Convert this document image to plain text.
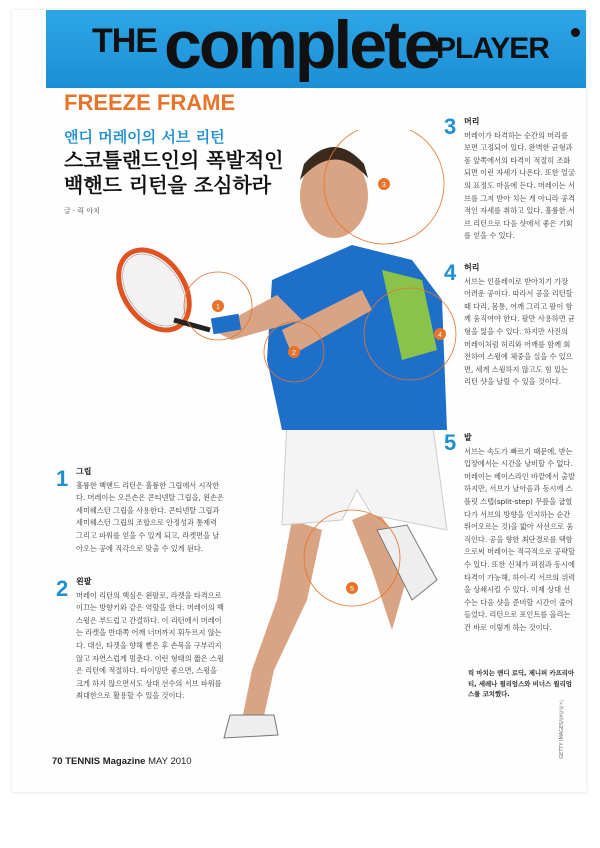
THE complete
PLAYER
FREEZE FRAME
앤디 머레이의 서브 리턴
스코틀랜드인의 폭발적인 백핸드 리턴을 조심하라
글 · 릭 아치
1
2
3
4
5
1 그립
훌륭한 백핸드 리턴은 훌륭한 그립에서 시작한다. 머레이는 오른손은 콘티넨탈 그립을, 왼손은 세미웨스턴 그립을 사용한다. 콘티넨탈 그립과 세미웨스턴 그립의 조합으로 안정성과 통제력 그리고 파워를 얻을 수 있게 되고, 라켓면을 날아오는 공에 직각으로 맞출 수 있게 된다.
2 왼팔
머레이 리턴의 핵심은 왼팔로, 라켓을 타격으로 이끄는 방향키와 같은 역할을 한다. 머레이의 백스윙은 부드럽고 간결하다. 이 리턴에서 머레이는 라켓을 반대쪽 어깨 너머까지 휘두르지 않는다. 대신, 타겟을 향해 뻗은 후 손목을 구부리지 않고 자연스럽게 멈춘다. 이런 형태의 짧은 스윙은 리턴에 적절하다. 타이밍만 좋으면, 스윙을 크게 하지 않으면서도 상대 선수의 서브 파워를 최대한으로 활용할 수 있을 것이다.
3 머리
머레이가 타격하는 순간의 머리를 보면 고정되어 있다. 완벽한 균형과 몸 앞쪽에서의 타격이 적절히 조화되면 이런 자세가 나온다. 또한 얼굴의 표정도 마음에 든다. 머레이는 서브를 그저 받아 치는 게 아니라 공격적인 자세를 취하고 있다. 훌륭한 서브 리턴으로 다음 샷에서 좋은 기회를 얻을 수 있다.
4 허리
서브는 인플레이로 받아치기 가장 어려운 공이다. 따라서 공을 리턴할 때 다리, 몸통, 어깨 그리고 팔이 함께 움직여야 한다. 팔만 사용하면 균형을 잃을 수 있다. 하지만 사진의 머레이처럼 허리와 어깨를 함께 회전하여 스윙에 체중을 실을 수 있으면, 세게 스윙하지 않고도 힘 있는 리턴 샷을 날릴 수 있을 것이다.
5 발
서브는 속도가 빠르기 때문에, 받는 입장에서는 시간을 낭비할 수 없다. 머레이는 베이스라인 바깥에서 출발하지만, 서브가 날아옴과 동시에 스플릿 스텝(split-step) 무릎을 굽혔다가 서브의 방향을 인지하는 순간 뛰어오르는 것)을 밟아 사선으로 움직인다. 공을 향한 최단경로를 택함으로써 머레이는 적극적으로 공략할 수 있다. 또한 신체가 펴짐과 동시에 타격이 가능해, 하이-킥 서브의 위력을 상쇄시킬 수 있다. 이제 상대 선수는 다음 샷을 준비할 시간이 줄어들었다. 리턴으로 포인트를 올리는 건 바로 이렇게 하는 것이다.
릭 마치는 앤디 로딕, 제니퍼 카프리아티, 세레나 윌리엄스와 비너스 윌리엄스를 코치했다.
GETTY IMAGES/멀티비츠
70 TENNIS Magazine MAY 2010
